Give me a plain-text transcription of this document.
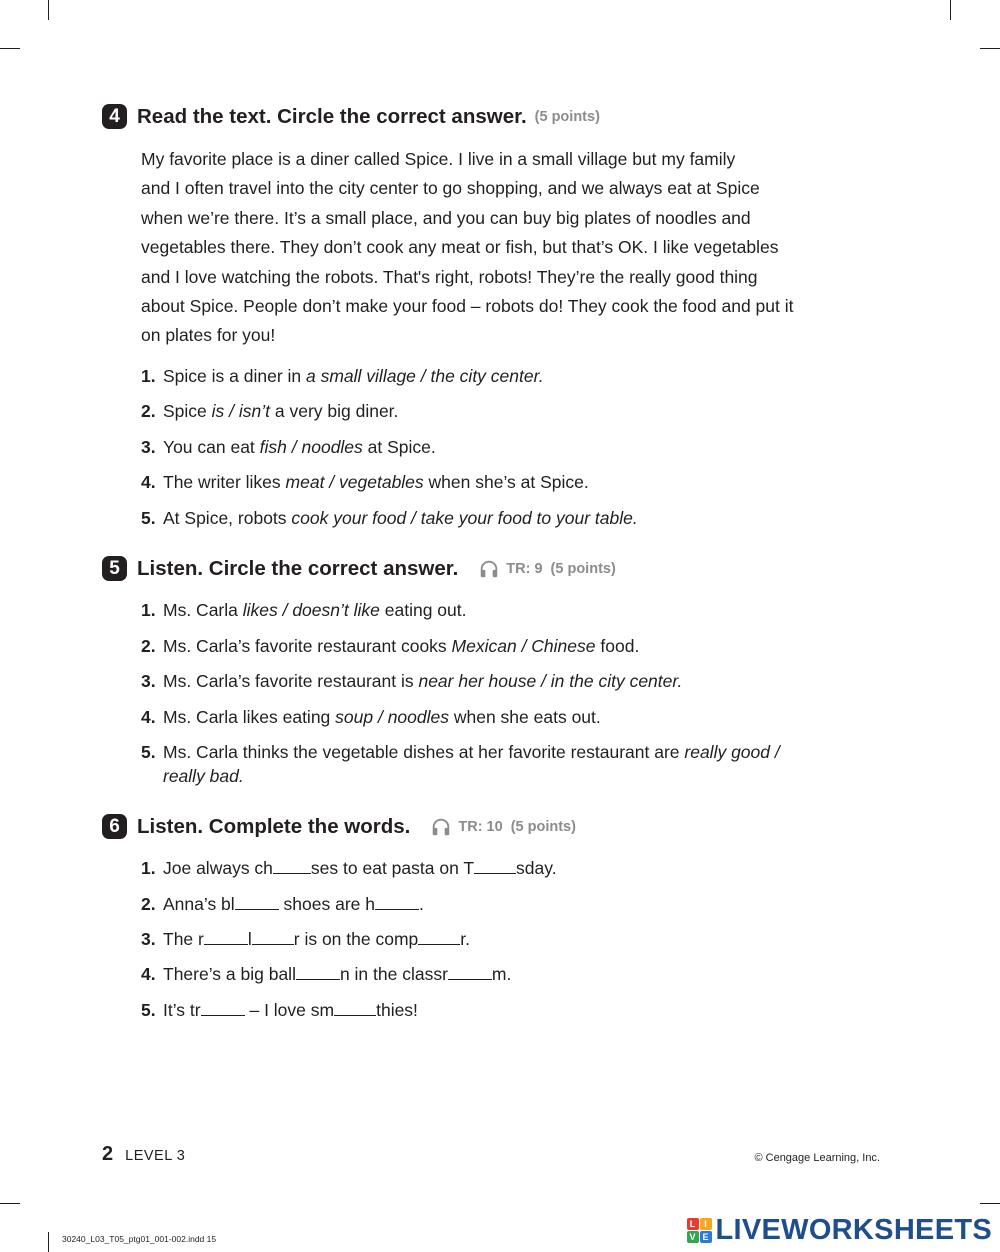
4 Read the text. Circle the correct answer. (5 points)
My favorite place is a diner called Spice. I live in a small village but my family
and I often travel into the city center to go shopping, and we always eat at Spice
when we’re there. It’s a small place, and you can buy big plates of noodles and
vegetables there. They don’t cook any meat or fish, but that’s OK. I like vegetables
and I love watching the robots. That's right, robots! They’re the really good thing
about Spice. People don’t make your food – robots do! They cook the food and put it
on plates for you!
1. Spice is a diner in a small village / the city center.
2. Spice is / isn’t a very big diner.
3. You can eat fish / noodles at Spice.
4. The writer likes meat / vegetables when she’s at Spice.
5. At Spice, robots cook your food / take your food to your table.
5 Listen. Circle the correct answer.	TR: 9 (5 points)
1. Ms. Carla likes / doesn’t like eating out.
2. Ms. Carla’s favorite restaurant cooks Mexican / Chinese food.
3. Ms. Carla’s favorite restaurant is near her house / in the city center.
4. Ms. Carla likes eating soup / noodles when she eats out.
5. Ms. Carla thinks the vegetable dishes at her favorite restaurant are really good /
really bad.
6 Listen. Complete the words.	TR: 10 (5 points)
1. Joe always ch ses to eat pasta on T sday.
2. Anna’s bl	shoes are h	.
3. The r	l r is on the comp r.
4. There’s a big ball	n in the classr	m.
5. It’s tr	– I love sm thies!
2 LEVEL 3	© Cengage Learning, Inc.
30240_L03_T05_ptg01_001-002.indd 15
L I
V E LIVEWORKSHEETS
